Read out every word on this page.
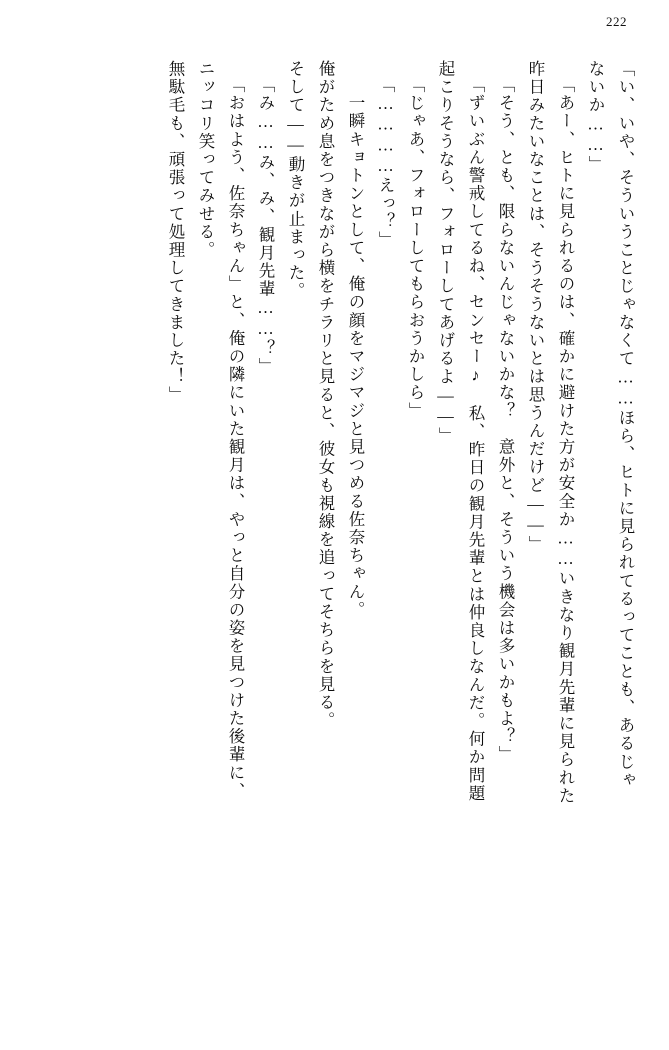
222
「い、いや、そういうことじゃなくて……ほら、ヒトに見られてるってことも、あるじゃ
ないか……」
「あー、ヒトに見られるのは、確かに避けた方が安全か……いきなり観月先輩に見られた
昨日みたいなことは、そうそうないとは思うんだけど――」
「そう、とも、限らないんじゃないかな？　意外と、そういう機会は多いかもよ？」
「ずいぶん警戒してるね、センセー♪　私、昨日の観月先輩とは仲良しなんだ。何か問題
起こりそうなら、フォローしてあげるよ――」
「じゃあ、フォローしてもらおうかしら」
「…………えっ？」
　一瞬キョトンとして、俺の顔をマジマジと見つめる佐奈ちゃん。
俺がため息をつきながら横をチラリと見ると、彼女も視線を追ってそちらを見る。
そして――動きが止まった。
「み……み、み、観月先輩……？」
「おはよう、佐奈ちゃん」と、俺の隣にいた観月は、やっと自分の姿を見つけた後輩に、
ニッコリ笑ってみせる。
無駄毛も、頑張って処理してきました！」
